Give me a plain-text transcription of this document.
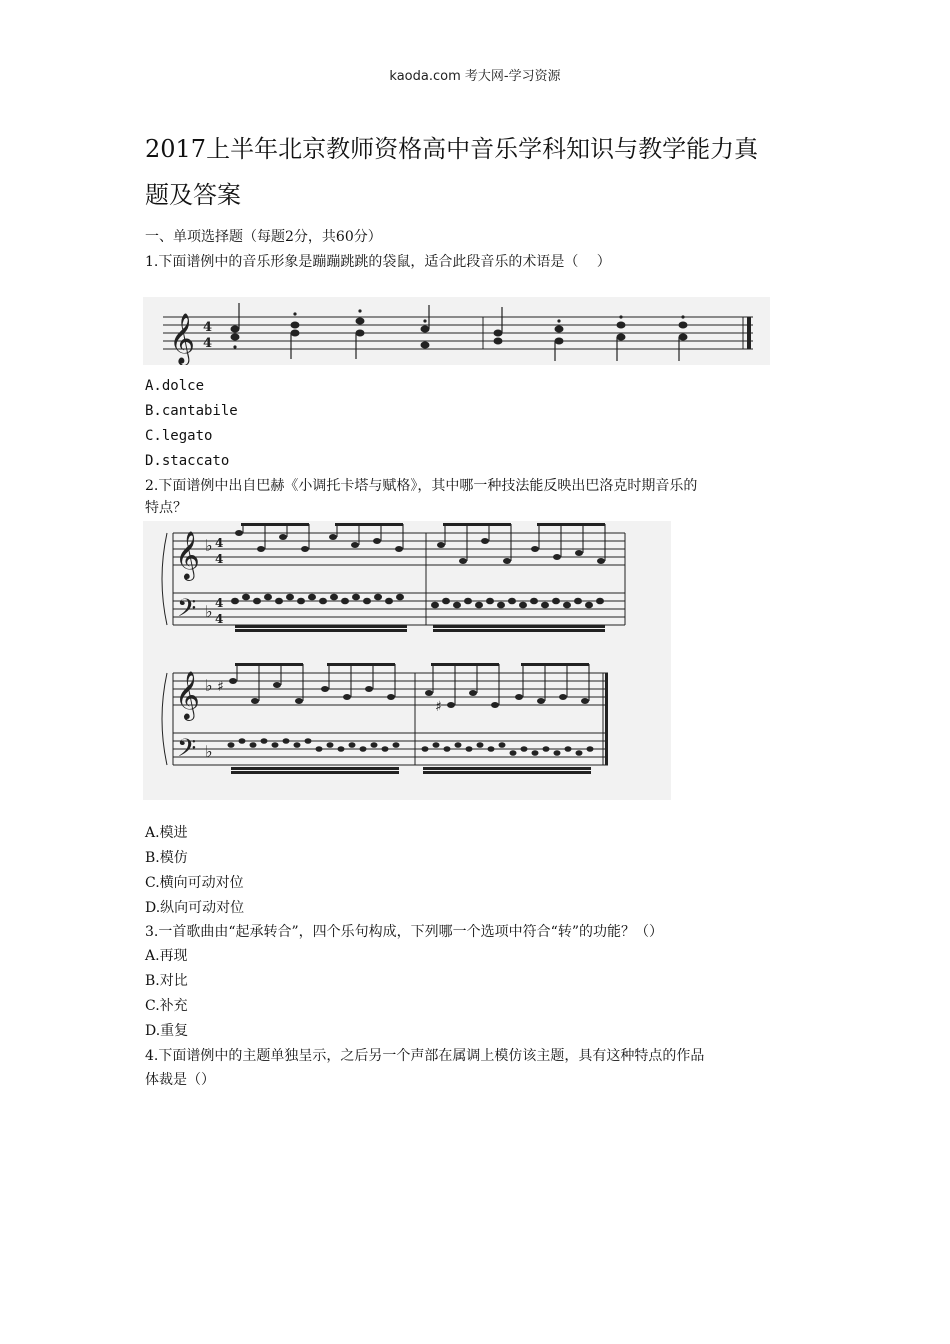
kaoda.com 考大网-学习资源
2017上半年北京教师资格高中音乐学科知识与教学能力真
题及答案
一、单项选择题（每题2分，共60分）
1.下面谱例中的音乐形象是蹦蹦跳跳的袋鼠，适合此段音乐的术语是（　 ）
𝄞 4
4
A.dolce
B.cantabile
C.legato
D.staccato
2.下面谱例中出自巴赫《小调托卡塔与赋格》，其中哪一种技法能反映出巴洛克时期音乐的
特点？
𝄞
𝄢
𝄞
𝄢
♭
♭
♭
♭
4
4
4
4
♯
♯
A.模进
B.模仿
C.横向可动对位
D.纵向可动对位
3.一首歌曲由“起承转合”，四个乐句构成，下列哪一个选项中符合“转”的功能？（）
A.再现
B.对比
C.补充
D.重复
4.下面谱例中的主题单独呈示，之后另一个声部在属调上模仿该主题，具有这种特点的作品
体裁是（）
